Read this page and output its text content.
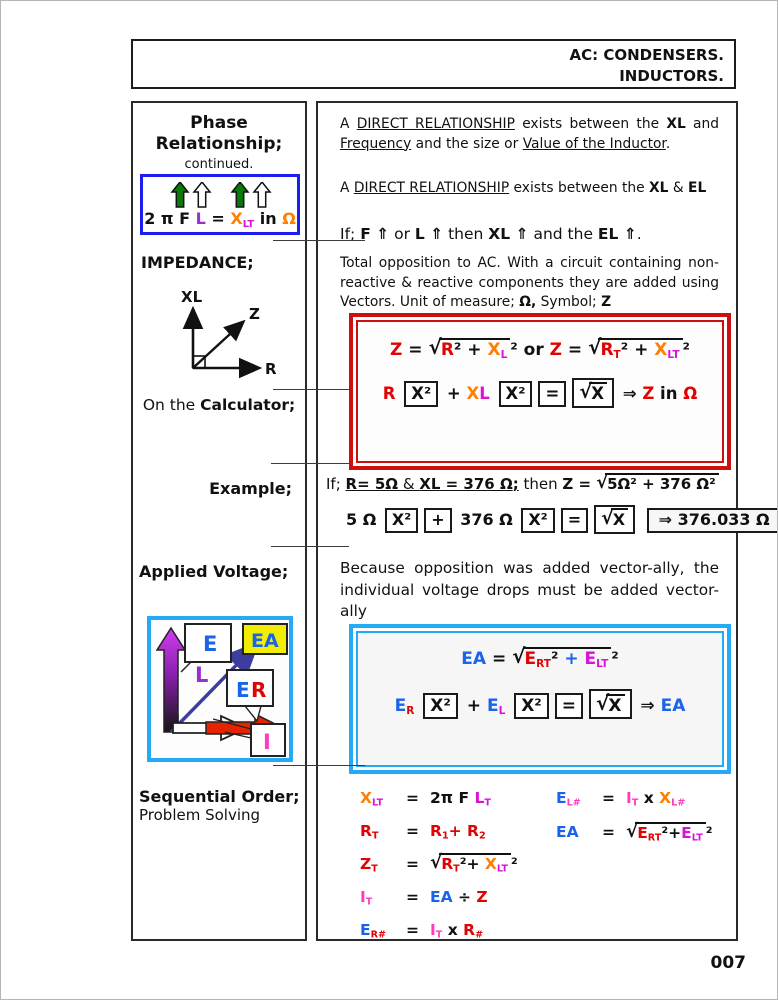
AC: CONDENSERS.
INDUCTORS.
Phase
Relationship;
continued.
2 π F $L = X_{LT}$ in Ω
IMPEDANCE;
XL
Z
R
On the Calculator;
Example;
Applied Voltage;
E
L
EA
E R
I
Sequential Order;
Problem Solving
A DIRECT RELATIONSHIP exists between the XL and Frequency and the size or Value of the Inductor.
A DIRECT RELATIONSHIP exists between the XL & EL
If; F ⇑ or L ⇑ then XL ⇑ and the EL ⇑.
Total opposition to AC. With a circuit containing non-reactive & reactive components they are added using Vectors. Unit of measure; Ω, Symbol; Z
$Z = √R^2 + X_L$ ² or $Z = √R_T^2 + X_{LT}$ ²
R X² + XL X² = √X ⇒ Z in Ω
If; R= 5Ω & XL = 376 Ω; then Z = √5Ω² + 376 Ω²
5 Ω X² + 376 Ω X² = √X ⇒ 376.033 Ω
Because opposition was added vector-ally, the individual voltage drops must be added vector-ally
EA = $√E_{RT}^2 + E_{LT}$ ²
$E_R$ $X^2 + E_L$ X² = √X ⇒ EA
$X_{LT}$	= 2π F $L_T$
$R_T$	= $R_1+ R_2$
$Z_T$	= $√R_T^2+ X_{LT}$ ²
$I_T$	= EA ÷ Z
$E_{R\#}$	= $I_T$ x $R_{\#}$
$E_{L\#}$	= $I_T$ x $X_{L\#}$
EA	= $√E_{RT}^2+E_{LT}$ ²
007
